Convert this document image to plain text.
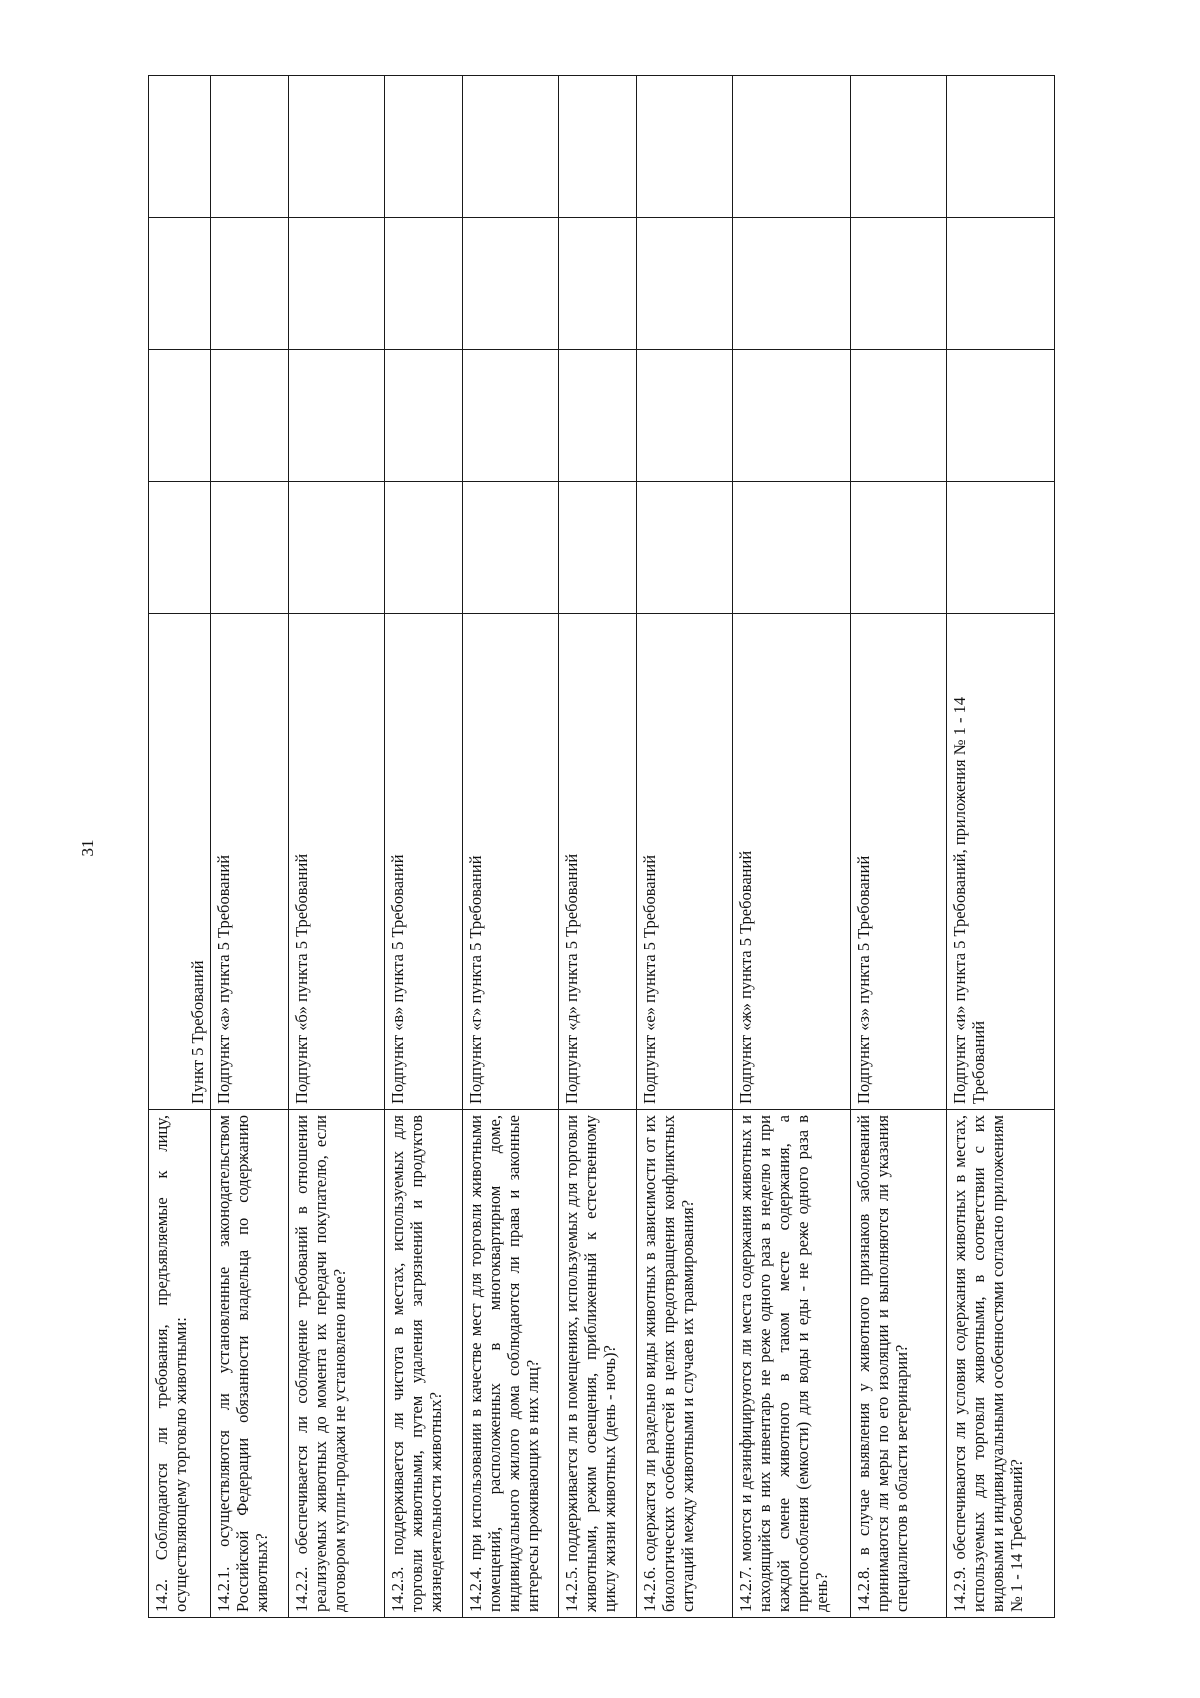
31
14.2. Соблюдаются ли требования, предъявляемые к лицу, осуществляющему торговлю животными:	Пункт 5 Требований				
14.2.1. осуществляются ли установленные законодательством Российской Федерации обязанности владельца по содержанию животных?	Подпункт «а» пункта 5 Требований				
14.2.2. обеспечивается ли соблюдение требований в отношении реализуемых животных до момента их передачи покупателю, если договором купли-продажи не установлено иное?	Подпункт «б» пункта 5 Требований				
14.2.3. поддерживается ли чистота в местах, используемых для торговли животными, путем удаления загрязнений и продуктов жизнедеятельности животных?	Подпункт «в» пункта 5 Требований				
14.2.4. при использовании в качестве мест для торговли животными помещений, расположенных в многоквартирном доме, индивидуального жилого дома соблюдаются ли права и законные интересы проживающих в них лиц?	Подпункт «г» пункта 5 Требований				
14.2.5. поддерживается ли в помещениях, используемых для торговли животными, режим освещения, приближенный к естественному циклу жизни животных (день - ночь)?	Подпункт «д» пункта 5 Требований				
14.2.6. содержатся ли раздельно виды животных в зависимости от их биологических особенностей в целях предотвращения конфликтных ситуаций между животными и случаев их травмирования?	Подпункт «е» пункта 5 Требований				
14.2.7. моются и дезинфицируются ли места содержания животных и находящийся в них инвентарь не реже одного раза в неделю и при каждой смене животного в таком месте содержания, а приспособления (емкости) для воды и еды - не реже одного раза в день?	Подпункт «ж» пункта 5 Требований				
14.2.8. в случае выявления у животного признаков заболеваний принимаются ли меры по его изоляции и выполняются ли указания специалистов в области ветеринарии?	Подпункт «з» пункта 5 Требований				
14.2.9. обеспечиваются ли условия содержания животных в местах, используемых для торговли животными, в соответствии с их видовыми и индивидуальными особенностями согласно приложениям № 1 - 14 Требований?	Подпункт «и» пункта 5 Требований, приложения № 1 - 14 Требований				
